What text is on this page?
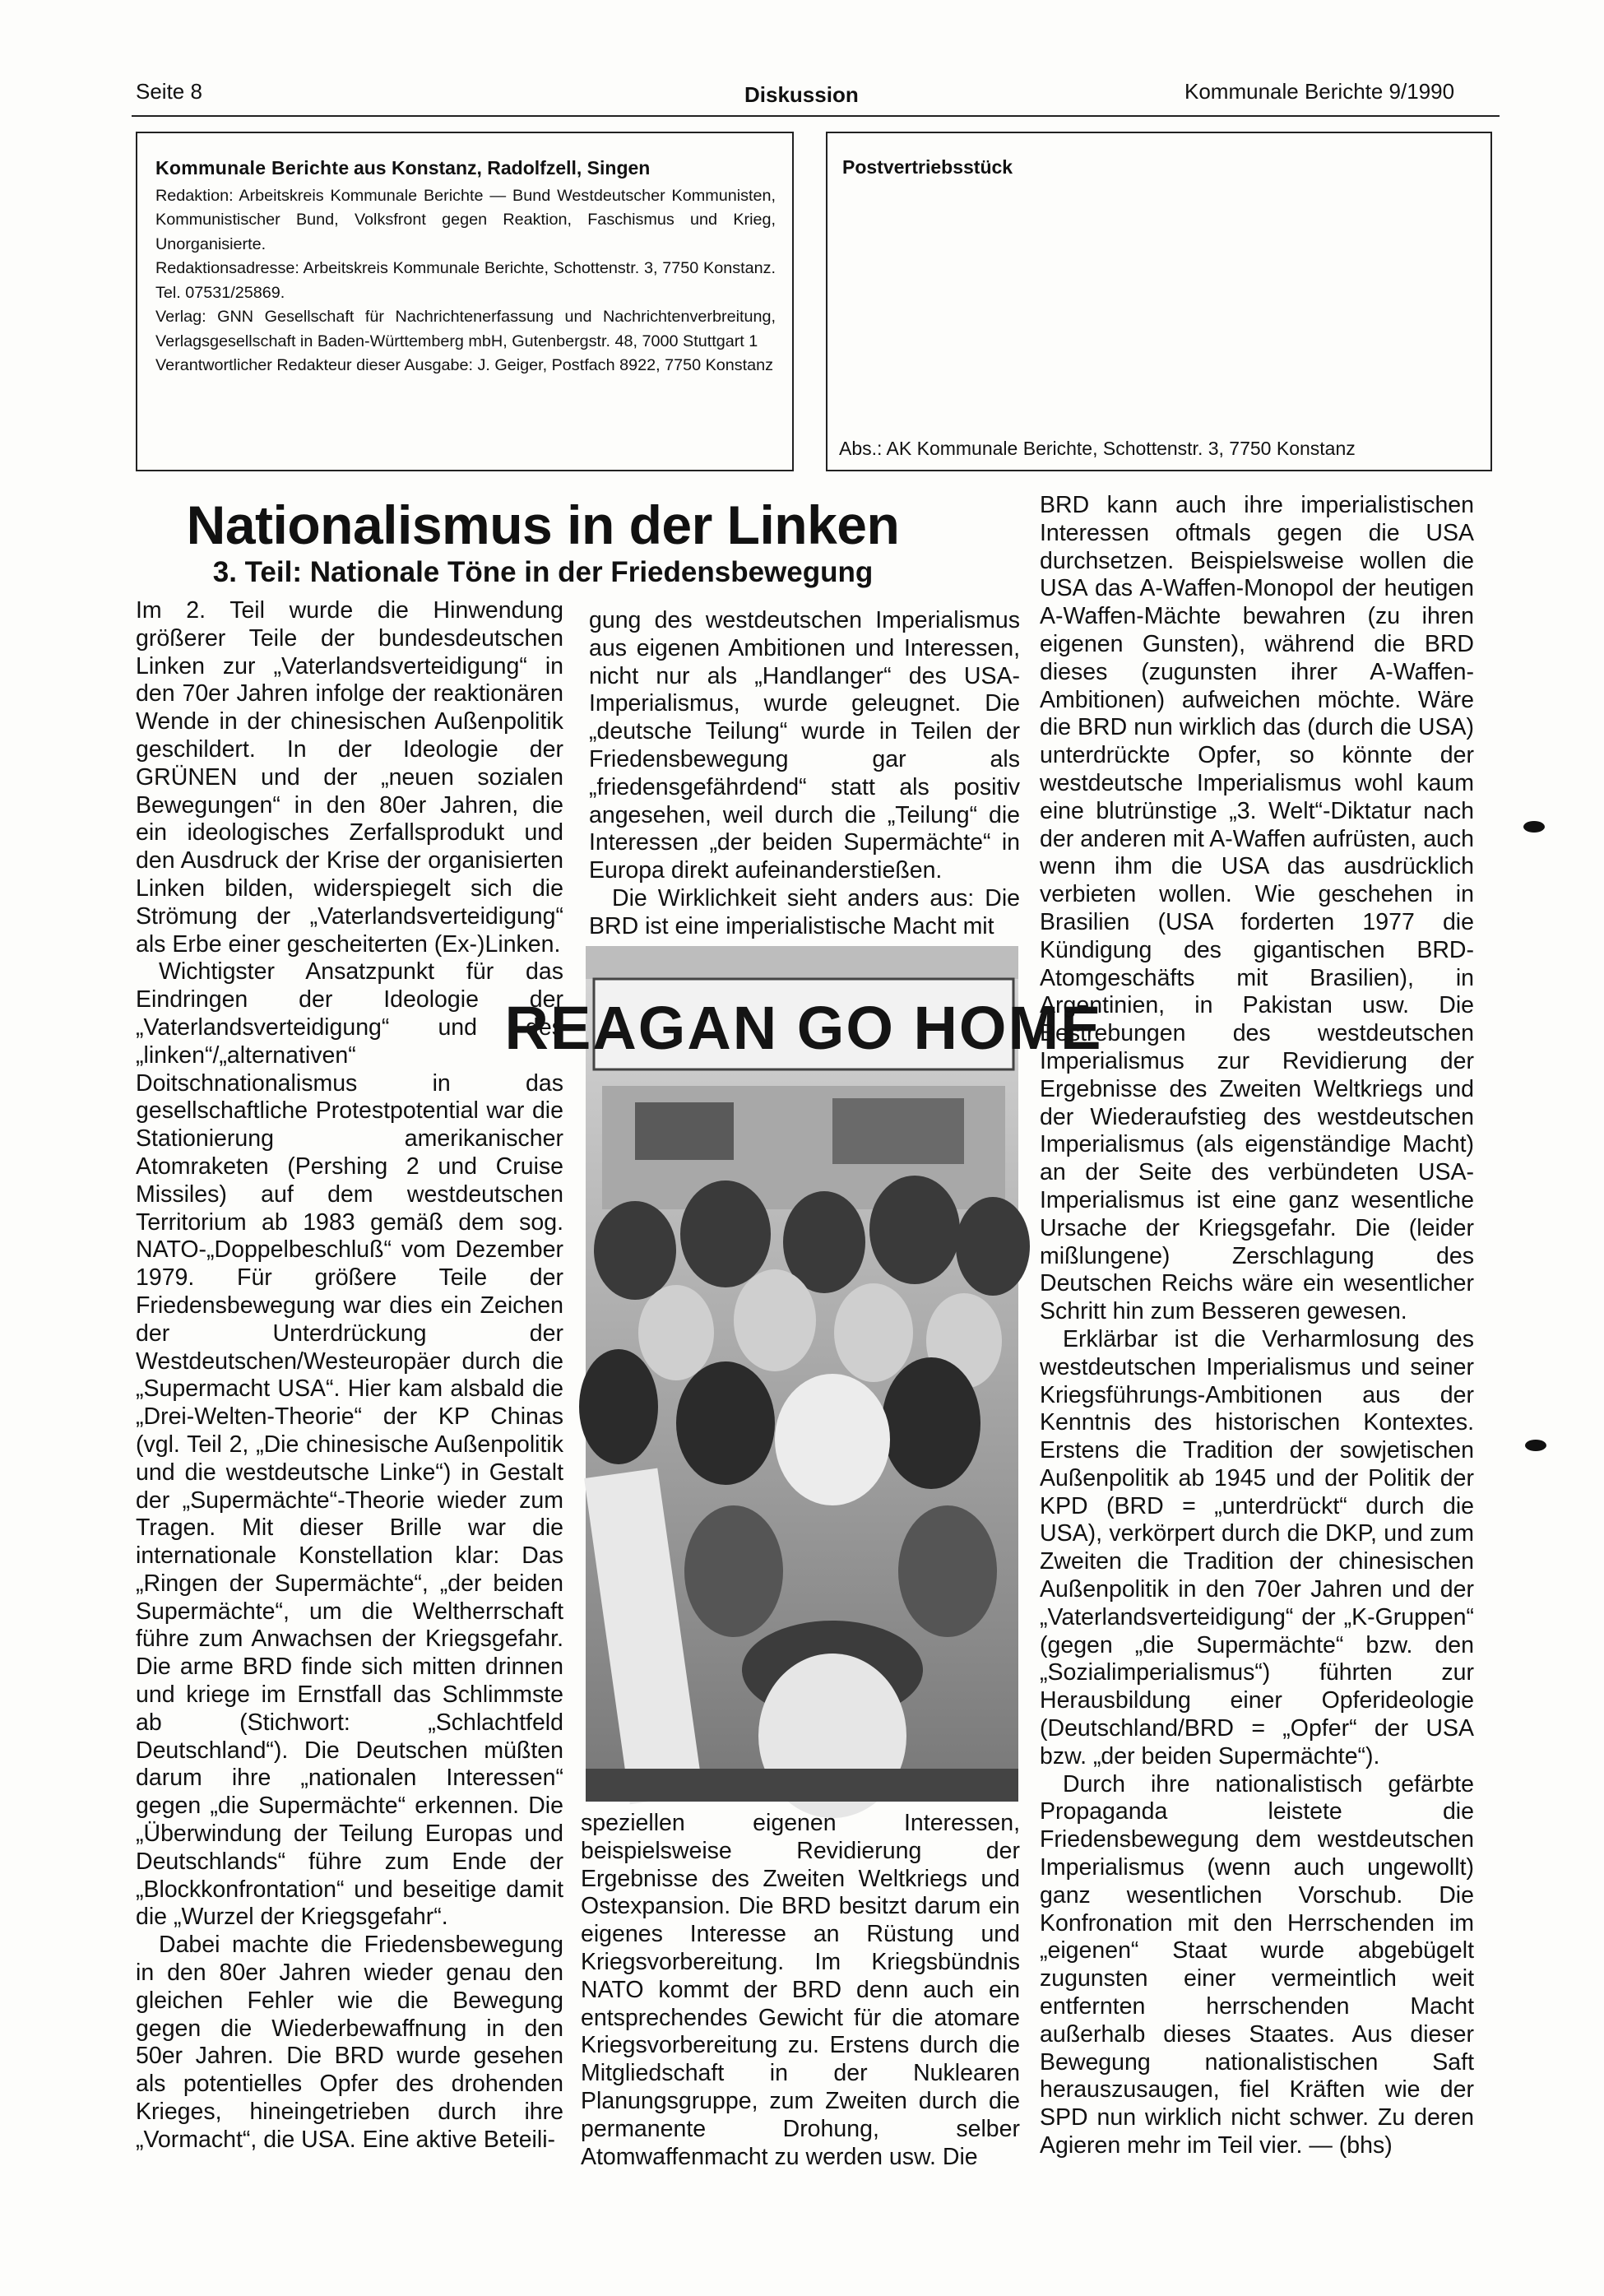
Seite 8	Diskussion	Kommunale Berichte 9/1990

Kommunale Berichte aus Konstanz, Radolfzell, Singen

Redaktion: Arbeitskreis Kommunale Berichte — Bund Westdeutscher Kommunisten, Kommunistischer Bund, Volksfront gegen Reaktion, Faschismus und Krieg, Unorganisierte.

Redaktionsadresse: Arbeitskreis Kommunale Berichte, Schottenstr. 3, 7750 Konstanz. Tel. 07531/25869.

Verlag: GNN Gesellschaft für Nachrichtenerfassung und Nachrichtenverbreitung, Verlagsgesellschaft in Baden-Württemberg mbH, Gutenbergstr. 48, 7000 Stuttgart 1

Verantwortlicher Redakteur dieser Ausgabe: J. Geiger, Postfach 8922, 7750 Konstanz

Postvertriebsstück
Abs.: AK Kommunale Berichte, Schottenstr. 3, 7750 Konstanz
Nationalismus in der Linken
3. Teil: Nationale Töne in der Friedensbewegung

Im 2. Teil wurde die Hinwendung größerer Teile der bundesdeutschen Linken zur „Vaterlandsverteidigung“ in den 70er Jahren infolge der reaktionären Wende in der chinesischen Außenpolitik geschildert. In der Ideologie der GRÜNEN und der „neuen sozialen Bewegungen“ in den 80er Jahren, die ein ideologisches Zerfallsprodukt und den Ausdruck der Krise der organisierten Linken bilden, widerspiegelt sich die Strömung der „Vaterlandsverteidigung“ als Erbe einer gescheiterten (Ex-)Linken.

Wichtigster Ansatzpunkt für das Eindringen der Ideologie der „Vaterlandsverteidigung“ und des „linken“/„alternativen“ Doitschnationalismus in das gesellschaftliche Protestpotential war die Stationierung amerikanischer Atomraketen (Pershing 2 und Cruise Missiles) auf dem westdeutschen Territorium ab 1983 gemäß dem sog. NATO-„Doppelbeschluß“ vom Dezember 1979. Für größere Teile der Friedensbewegung war dies ein Zeichen der Unterdrückung der Westdeutschen/Westeuropäer durch die „Supermacht USA“. Hier kam alsbald die „Drei-Welten-Theorie“ der KP Chinas (vgl. Teil 2, „Die chinesische Außenpolitik und die westdeutsche Linke“) in Gestalt der „Supermächte“-Theorie wieder zum Tragen. Mit dieser Brille war die internationale Konstellation klar: Das „Ringen der Supermächte“, „der beiden Supermächte“, um die Weltherrschaft führe zum Anwachsen der Kriegsgefahr. Die arme BRD finde sich mitten drinnen und kriege im Ernstfall das Schlimmste ab (Stichwort: „Schlachtfeld Deutschland“). Die Deutschen müßten darum ihre „nationalen Interessen“ gegen „die Supermächte“ erkennen. Die „Überwindung der Teilung Europas und Deutschlands“ führe zum Ende der „Blockkonfrontation“ und beseitige damit die „Wurzel der Kriegsgefahr“.

Dabei machte die Friedensbewegung in den 80er Jahren wieder genau den gleichen Fehler wie die Bewegung gegen die Wiederbewaffnung in den 50er Jahren. Die BRD wurde gesehen als potentielles Opfer des drohenden Krieges, hineingetrieben durch ihre „Vormacht“, die USA. Eine aktive Beteili-

gung des westdeutschen Imperialismus aus eigenen Ambitionen und Interessen, nicht nur als „Handlanger“ des USA-Imperialismus, wurde geleugnet. Die „deutsche Teilung“ wurde in Teilen der Friedensbewegung gar als „friedensgefährdend“ statt als positiv angesehen, weil durch die „Teilung“ die Interessen „der beiden Supermächte“ in Europa direkt aufeinanderstießen.

Die Wirklichkeit sieht anders aus: Die BRD ist eine imperialistische Macht mit

REAGAN GO HOME

speziellen eigenen Interessen, beispielsweise Revidierung der Ergebnisse des Zweiten Weltkriegs und Ostexpansion. Die BRD besitzt darum ein eigenes Interesse an Rüstung und Kriegsvorbereitung. Im Kriegsbündnis NATO kommt der BRD denn auch ein entsprechendes Gewicht für die atomare Kriegsvorbereitung zu. Erstens durch die Mitgliedschaft in der Nuklearen Planungsgruppe, zum Zweiten durch die permanente Drohung, selber Atomwaffenmacht zu werden usw. Die

BRD kann auch ihre imperialistischen Interessen oftmals gegen die USA durchsetzen. Beispielsweise wollen die USA das A-Waffen-Monopol der heutigen A-Waffen-Mächte bewahren (zu ihren eigenen Gunsten), während die BRD dieses (zugunsten ihrer A-Waffen-Ambitionen) aufweichen möchte. Wäre die BRD nun wirklich das (durch die USA) unterdrückte Opfer, so könnte der westdeutsche Imperialismus wohl kaum eine blutrünstige „3. Welt“-Diktatur nach der anderen mit A-Waffen aufrüsten, auch wenn ihm die USA das ausdrücklich verbieten wollen. Wie geschehen in Brasilien (USA forderten 1977 die Kündigung des gigantischen BRD-Atomgeschäfts mit Brasilien), in Argentinien, in Pakistan usw. Die Bestrebungen des westdeutschen Imperialismus zur Revidierung der Ergebnisse des Zweiten Weltkriegs und der Wiederaufstieg des westdeutschen Imperialismus (als eigenständige Macht) an der Seite des verbündeten USA-Imperialismus ist eine ganz wesentliche Ursache der Kriegsgefahr. Die (leider mißlungene) Zerschlagung des Deutschen Reichs wäre ein wesentlicher Schritt hin zum Besseren gewesen.

Erklärbar ist die Verharmlosung des westdeutschen Imperialismus und seiner Kriegsführungs-Ambitionen aus der Kenntnis des historischen Kontextes. Erstens die Tradition der sowjetischen Außenpolitik ab 1945 und der Politik der KPD (BRD = „unterdrückt“ durch die USA), verkörpert durch die DKP, und zum Zweiten die Tradition der chinesischen Außenpolitik in den 70er Jahren und der „Vaterlandsverteidigung“ der „K-Gruppen“ (gegen „die Supermächte“ bzw. den „Sozialimperialismus“) führten zur Herausbildung einer Opferideologie (Deutschland/BRD = „Opfer“ der USA bzw. „der beiden Supermächte“).

Durch ihre nationalistisch gefärbte Propaganda leistete die Friedensbewegung dem westdeutschen Imperialismus (wenn auch ungewollt) ganz wesentlichen Vorschub. Die Konfronation mit den Herrschenden im „eigenen“ Staat wurde abgebügelt zugunsten einer vermeintlich weit entfernten herrschenden Macht außerhalb dieses Staates. Aus dieser Bewegung nationalistischen Saft herauszusaugen, fiel Kräften wie der SPD nun wirklich nicht schwer. Zu deren Agieren mehr im Teil vier. — (bhs)
